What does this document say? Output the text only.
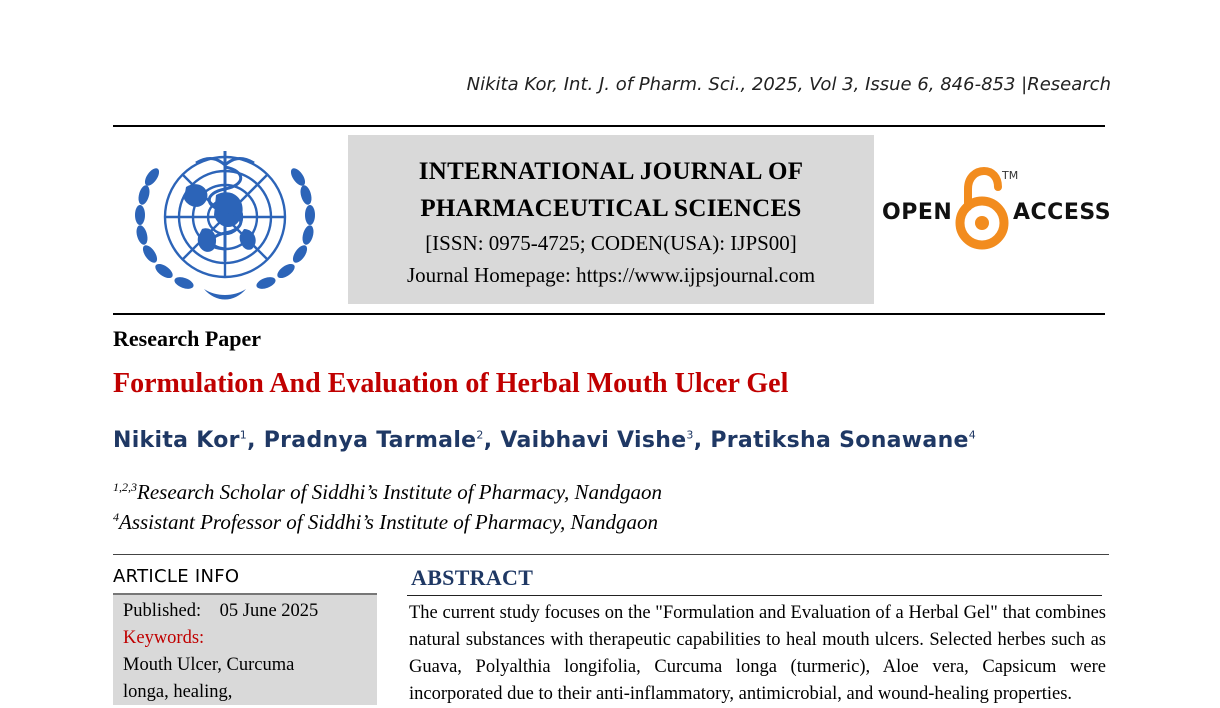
Nikita Kor, Int. J. of Pharm. Sci., 2025, Vol 3, Issue 6, 846-853 |Research
INTERNATIONAL JOURNAL OF
PHARMACEUTICAL SCIENCES
[ISSN: 0975-4725; CODEN(USA): IJPS00]
Journal Homepage: https://www.ijpsjournal.com
OPEN
TM
ACCESS
Research Paper
Formulation And Evaluation of Herbal Mouth Ulcer Gel
Nikita Kor$^1$, Pradnya Tarmale$^2$, Vaibhavi Vishe$^3$, Pratiksha Sonawane$^4$
$^{1,2,3}$Research Scholar of Siddhi’s Institute of Pharmacy, Nandgaon
$^4$Assistant Professor of Siddhi’s Institute of Pharmacy, Nandgaon
ARTICLE INFO
Published: 05 June 2025
Keywords:
Mouth Ulcer, Curcuma
longa, healing,
ABSTRACT
The current study focuses on the "Formulation and Evaluation of a Herbal Gel" that combines natural substances with therapeutic capabilities to heal mouth ulcers. Selected herbes such as Guava, Polyalthia longifolia, Curcuma longa (turmeric), Aloe vera, Capsicum were incorporated due to their anti-inflammatory, antimicrobial, and wound-healing properties.
